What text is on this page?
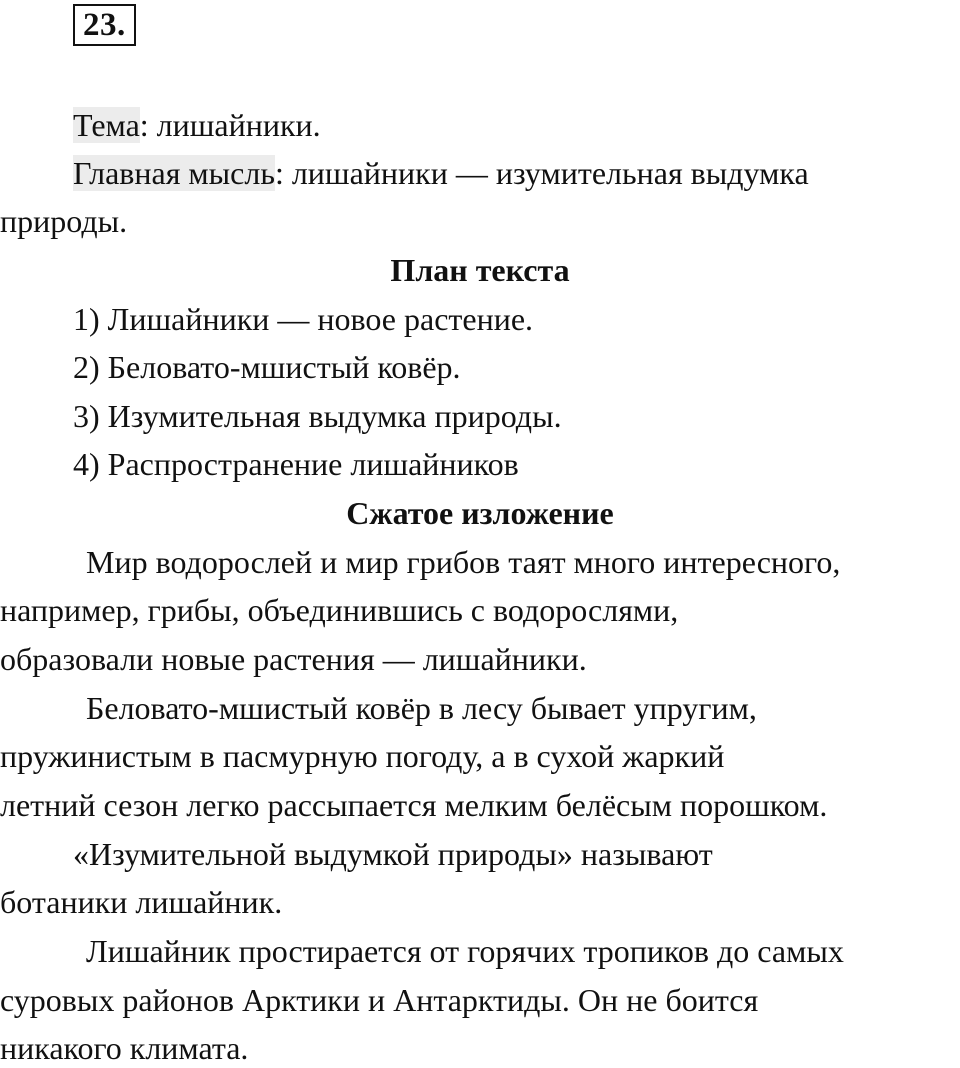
23.
Тема: лишайники.
Главная мысль: лишайники — изумительная выдумка
природы.
План текста
1) Лишайники — новое растение.
2) Беловато-мшистый ковёр.
3) Изумительная выдумка природы.
4) Распространение лишайников
Сжатое изложение
Мир водорослей и мир грибов таят много интересного,
например, грибы, объединившись с водорослями,
образовали новые растения — лишайники.
Беловато-мшистый ковёр в лесу бывает упругим,
пружинистым в пасмурную погоду, а в сухой жаркий
летний сезон легко рассыпается мелким белёсым порошком.
«Изумительной выдумкой природы» называют
ботаники лишайник.
Лишайник простирается от горячих тропиков до самых
суровых районов Арктики и Антарктиды. Он не боится
никакого климата.
